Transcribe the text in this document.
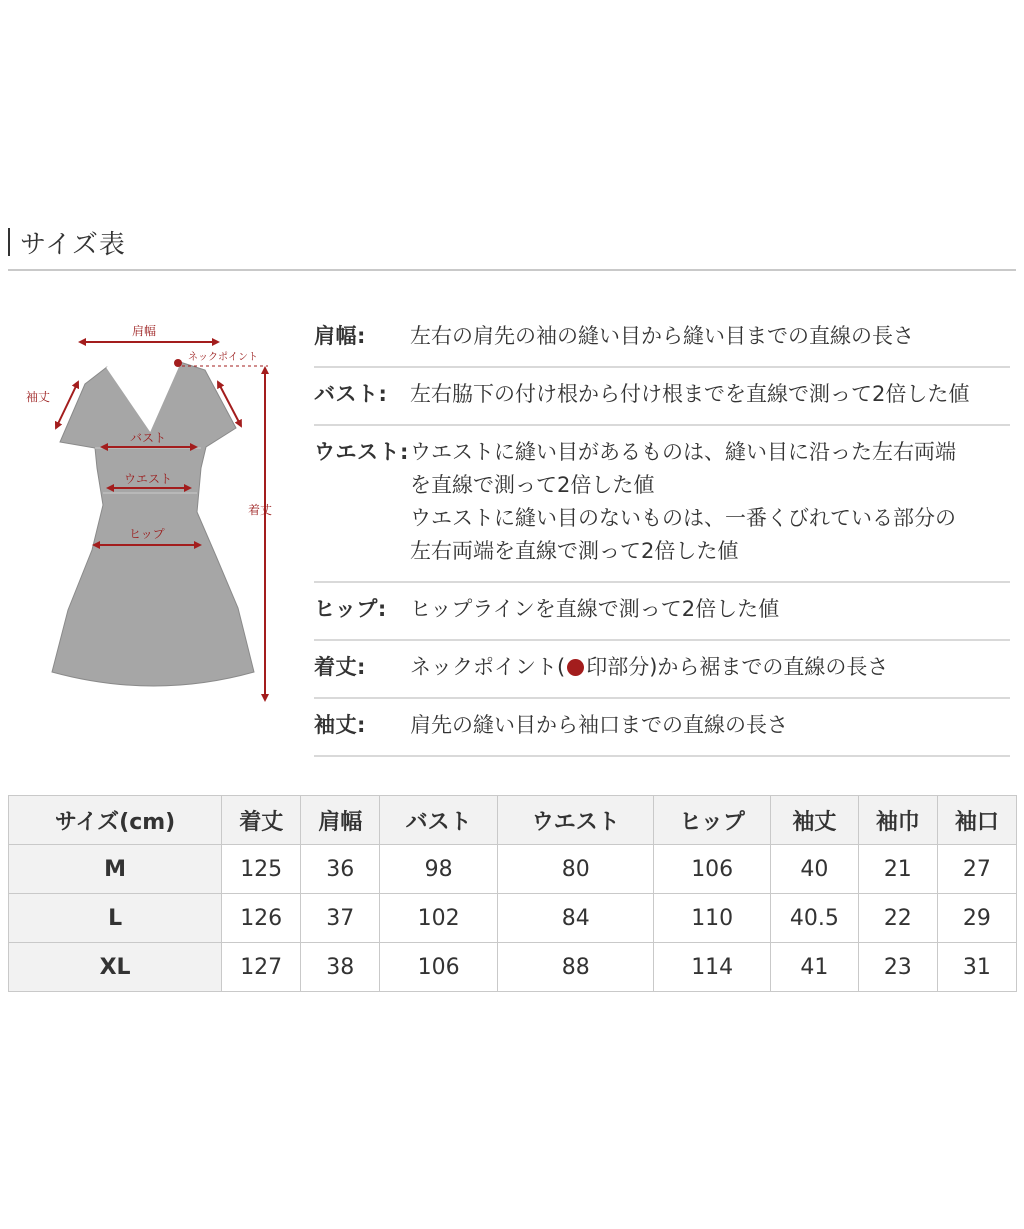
サイズ表
肩幅
ネックポイント
着丈
袖丈
バスト
ウエスト
ヒップ
肩幅:	左右の肩先の袖の縫い目から縫い目までの直線の長さ
バスト:	左右脇下の付け根から付け根までを直線で測って2倍した値
ウエスト: ウエストに縫い目があるものは、縫い目に沿った左右両端
を直線で測って2倍した値
ウエストに縫い目のないものは、一番くびれている部分の
左右両端を直線で測って2倍した値
ヒップ:	ヒップラインを直線で測って2倍した値
着丈:	ネックポイント( 印部分)から裾までの直線の長さ
袖丈:	肩先の縫い目から袖口までの直線の長さ
サイズ(cm)	着丈	肩幅	バスト	ウエスト	ヒップ	袖丈	袖巾	袖口
M	125	36	98	80	106	40	21	27
L	126	37	102	84	110	40.5	22	29
XL	127	38	106	88	114	41	23	31
